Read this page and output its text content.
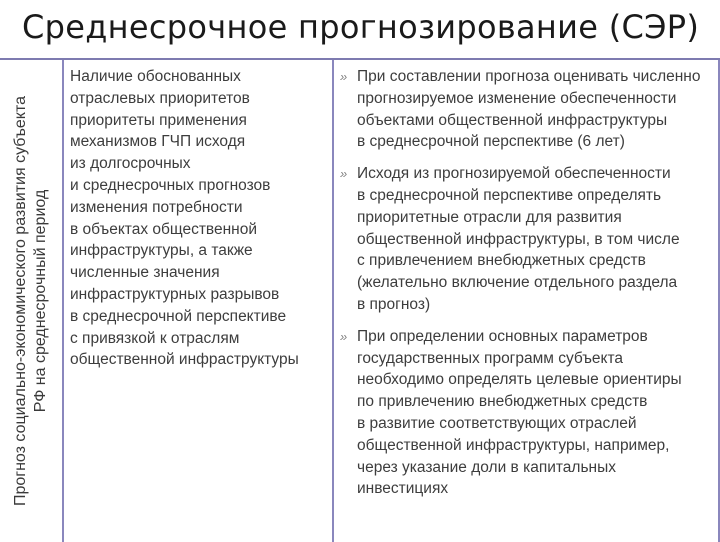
Среднесрочное прогнозирование (СЭР)
Прогноз социально-экономического развития субъекта РФ на среднесрочный период
Наличие обоснованных
отраслевых приоритетов
приоритеты применения
механизмов ГЧП исходя
из долгосрочных
и среднесрочных прогнозов
изменения потребности
в объектах общественной
инфраструктуры, а также
численные значения
инфраструктурных разрывов
в среднесрочной перспективе
с привязкой к отраслям
общественной инфраструктуры
» При составлении прогноза оценивать численно
прогнозируемое изменение обеспеченности
объектами общественной инфраструктуры
в среднесрочной перспективе (6 лет)
» Исходя из прогнозируемой обеспеченности
в среднесрочной перспективе определять
приоритетные отрасли для развития
общественной инфраструктуры, в том числе
с привлечением внебюджетных средств
(желательно включение отдельного раздела
в прогноз)
» При определении основных параметров
государственных программ субъекта
необходимо определять целевые ориентиры
по привлечению внебюджетных средств
в развитие соответствующих отраслей
общественной инфраструктуры, например,
через указание доли в капитальных
инвестициях
